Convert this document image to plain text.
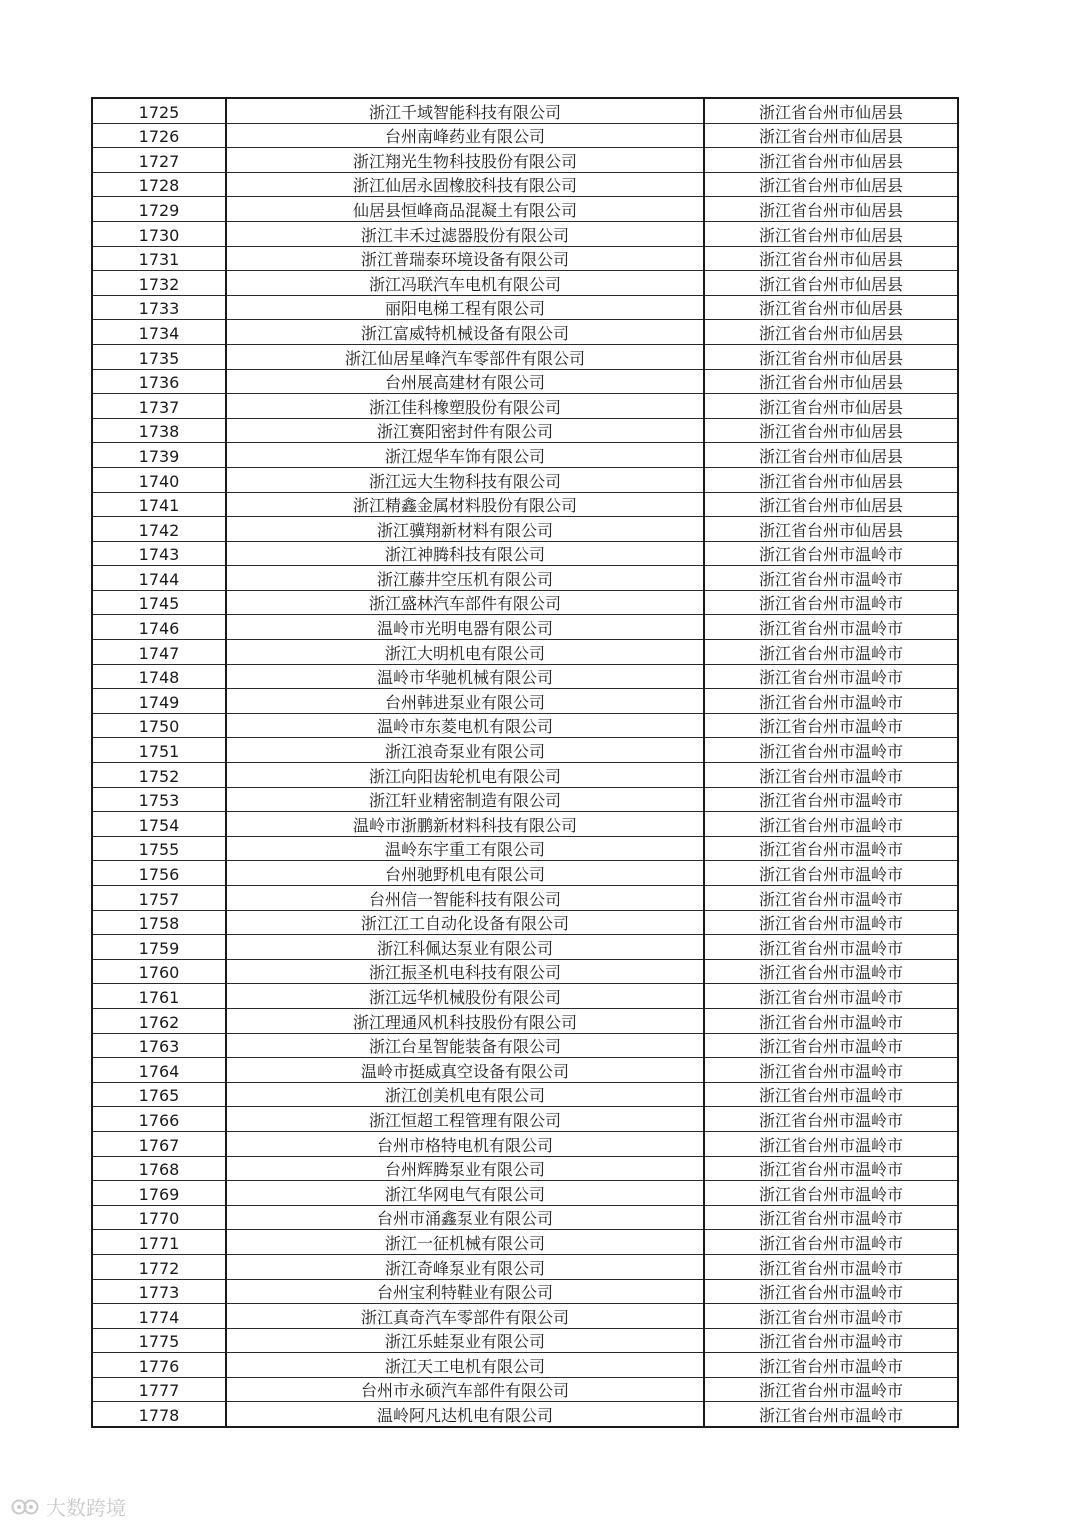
1725	浙江千域智能科技有限公司	浙江省台州市仙居县
1726	台州南峰药业有限公司	浙江省台州市仙居县
1727	浙江翔光生物科技股份有限公司	浙江省台州市仙居县
1728	浙江仙居永固橡胶科技有限公司	浙江省台州市仙居县
1729	仙居县恒峰商品混凝土有限公司	浙江省台州市仙居县
1730	浙江丰禾过滤器股份有限公司	浙江省台州市仙居县
1731	浙江普瑞泰环境设备有限公司	浙江省台州市仙居县
1732	浙江冯联汽车电机有限公司	浙江省台州市仙居县
1733	丽阳电梯工程有限公司	浙江省台州市仙居县
1734	浙江富威特机械设备有限公司	浙江省台州市仙居县
1735	浙江仙居星峰汽车零部件有限公司	浙江省台州市仙居县
1736	台州展高建材有限公司	浙江省台州市仙居县
1737	浙江佳科橡塑股份有限公司	浙江省台州市仙居县
1738	浙江赛阳密封件有限公司	浙江省台州市仙居县
1739	浙江煜华车饰有限公司	浙江省台州市仙居县
1740	浙江远大生物科技有限公司	浙江省台州市仙居县
1741	浙江精鑫金属材料股份有限公司	浙江省台州市仙居县
1742	浙江骥翔新材料有限公司	浙江省台州市仙居县
1743	浙江神腾科技有限公司	浙江省台州市温岭市
1744	浙江藤井空压机有限公司	浙江省台州市温岭市
1745	浙江盛林汽车部件有限公司	浙江省台州市温岭市
1746	温岭市光明电器有限公司	浙江省台州市温岭市
1747	浙江大明机电有限公司	浙江省台州市温岭市
1748	温岭市华驰机械有限公司	浙江省台州市温岭市
1749	台州韩进泵业有限公司	浙江省台州市温岭市
1750	温岭市东菱电机有限公司	浙江省台州市温岭市
1751	浙江浪奇泵业有限公司	浙江省台州市温岭市
1752	浙江向阳齿轮机电有限公司	浙江省台州市温岭市
1753	浙江轩业精密制造有限公司	浙江省台州市温岭市
1754	温岭市浙鹏新材料科技有限公司	浙江省台州市温岭市
1755	温岭东宇重工有限公司	浙江省台州市温岭市
1756	台州驰野机电有限公司	浙江省台州市温岭市
1757	台州信一智能科技有限公司	浙江省台州市温岭市
1758	浙江江工自动化设备有限公司	浙江省台州市温岭市
1759	浙江科佩达泵业有限公司	浙江省台州市温岭市
1760	浙江振圣机电科技有限公司	浙江省台州市温岭市
1761	浙江远华机械股份有限公司	浙江省台州市温岭市
1762	浙江理通风机科技股份有限公司	浙江省台州市温岭市
1763	浙江台星智能装备有限公司	浙江省台州市温岭市
1764	温岭市挺威真空设备有限公司	浙江省台州市温岭市
1765	浙江创美机电有限公司	浙江省台州市温岭市
1766	浙江恒超工程管理有限公司	浙江省台州市温岭市
1767	台州市格特电机有限公司	浙江省台州市温岭市
1768	台州辉腾泵业有限公司	浙江省台州市温岭市
1769	浙江华网电气有限公司	浙江省台州市温岭市
1770	台州市涌鑫泵业有限公司	浙江省台州市温岭市
1771	浙江一征机械有限公司	浙江省台州市温岭市
1772	浙江奇峰泵业有限公司	浙江省台州市温岭市
1773	台州宝利特鞋业有限公司	浙江省台州市温岭市
1774	浙江真奇汽车零部件有限公司	浙江省台州市温岭市
1775	浙江乐蛙泵业有限公司	浙江省台州市温岭市
1776	浙江天工电机有限公司	浙江省台州市温岭市
1777	台州市永硕汽车部件有限公司	浙江省台州市温岭市
1778	温岭阿凡达机电有限公司	浙江省台州市温岭市
大数跨境
